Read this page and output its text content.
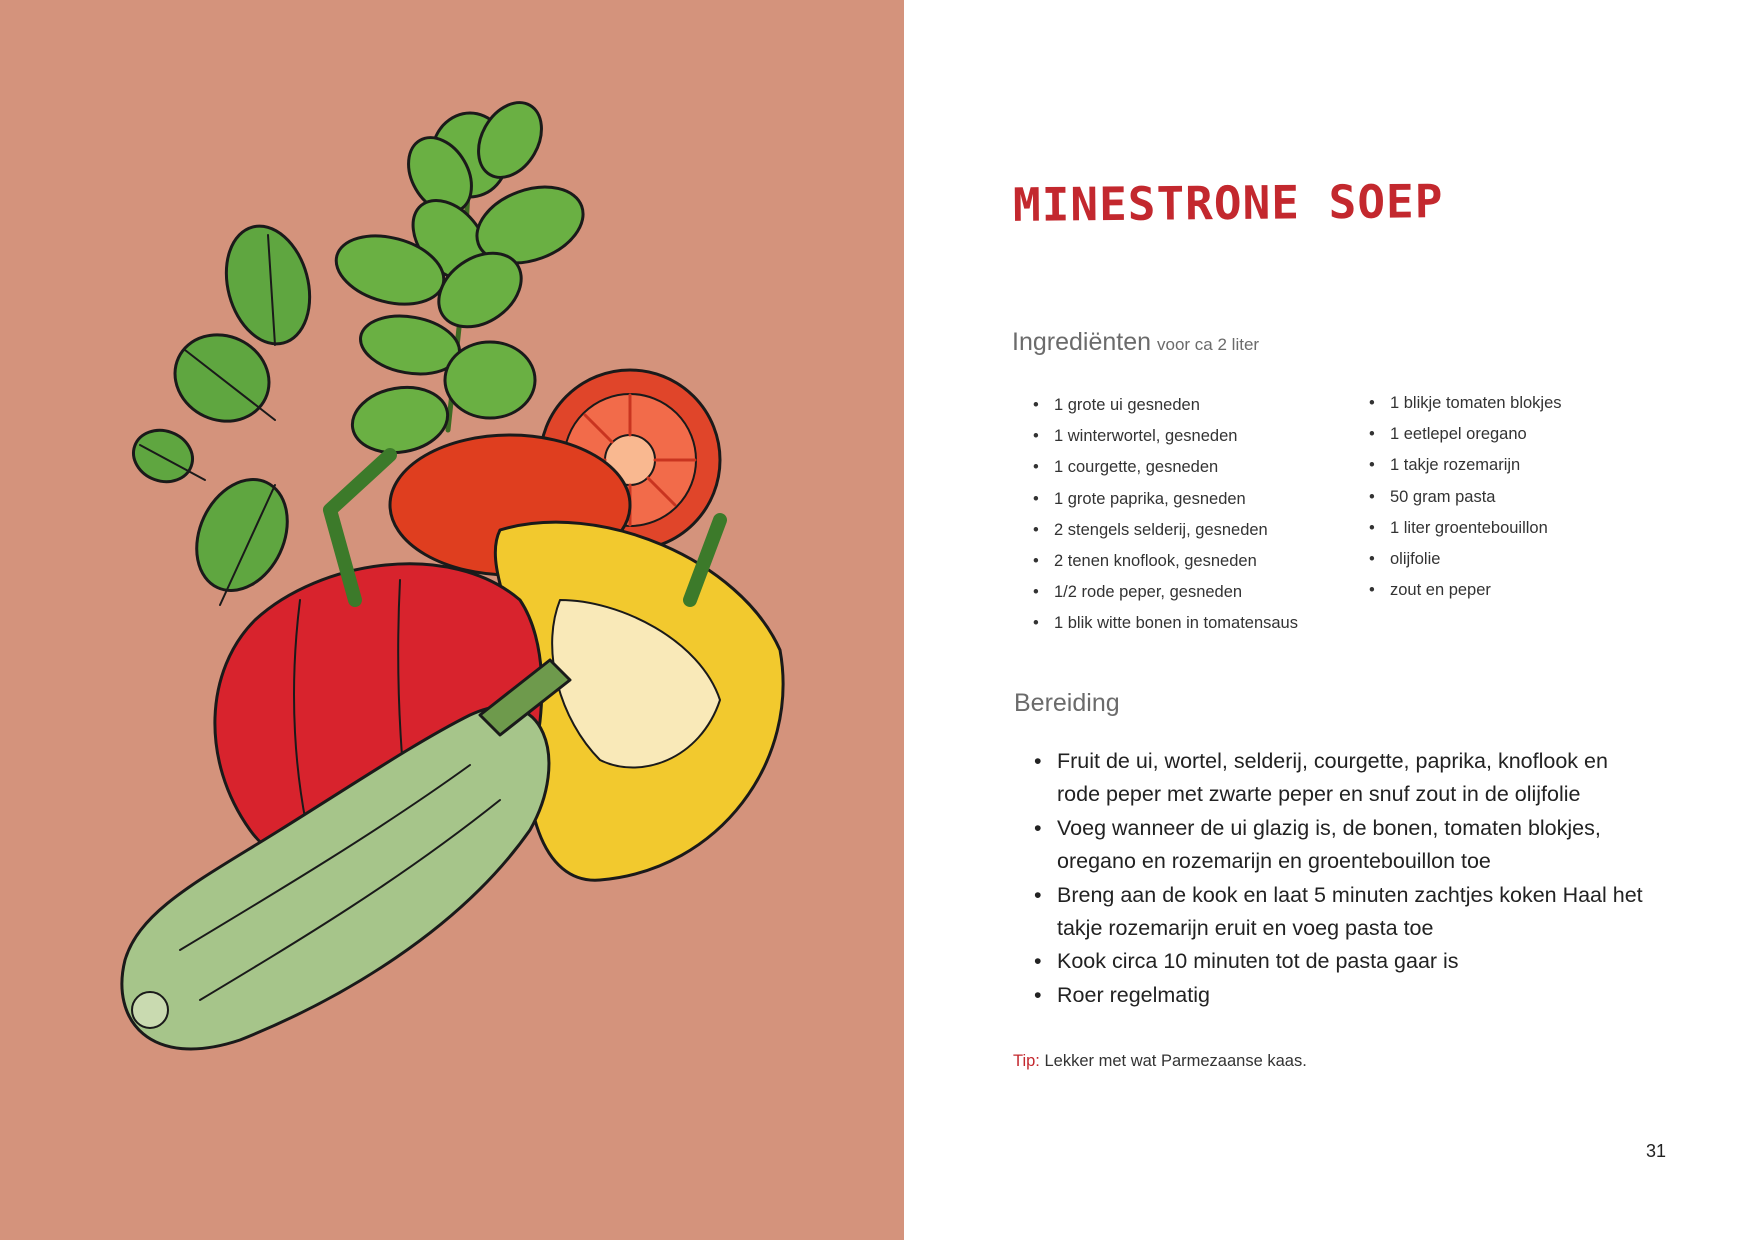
MINESTRONE SOEP
Ingrediënten voor ca 2 liter
• 1 grote ui gesneden
• 1 winterwortel, gesneden
• 1 courgette, gesneden
• 1 grote paprika, gesneden
• 2 stengels selderij, gesneden
• 2 tenen knoflook, gesneden
• 1/2 rode peper, gesneden
• 1 blik witte bonen in tomatensaus
• 1 blikje tomaten blokjes
• 1 eetlepel oregano
• 1 takje rozemarijn
• 50 gram pasta
• 1 liter groentebouillon
• olijfolie
• zout en peper
Bereiding
• Fruit de ui, wortel, selderij, courgette, paprika, knoflook en rode peper met zwarte peper en snuf zout in de olijfolie
• Voeg wanneer de ui glazig is, de bonen, tomaten blokjes, oregano en rozemarijn en groentebouillon toe
• Breng aan de kook en laat 5 minuten zachtjes koken Haal het takje rozemarijn eruit en voeg pasta toe
• Kook circa 10 minuten tot de pasta gaar is
• Roer regelmatig
Tip: Lekker met wat Parmezaanse kaas.
31
